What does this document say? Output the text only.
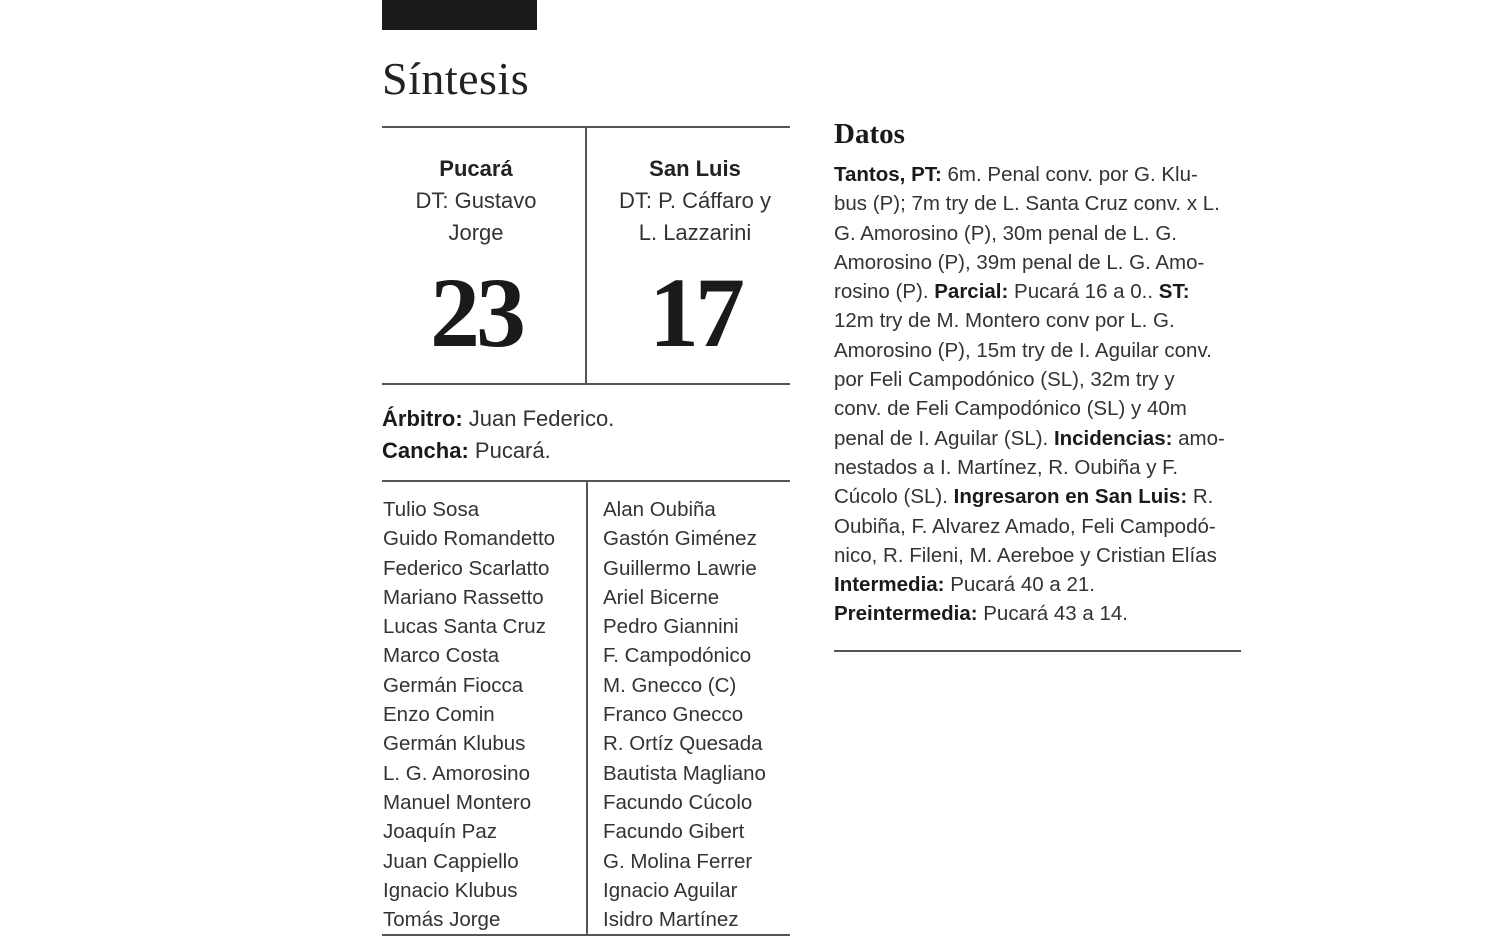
Síntesis
Pucará
DT: Gustavo
Jorge
23
San Luis
DT: P. Cáffaro y
L. Lazzarini
17
Árbitro: Juan Federico.
Cancha: Pucará.
Tulio Sosa
Guido Romandetto
Federico Scarlatto
Mariano Rassetto
Lucas Santa Cruz
Marco Costa
Germán Fiocca
Enzo Comin
Germán Klubus
L. G. Amorosino
Manuel Montero
Joaquín Paz
Juan Cappiello
Ignacio Klubus
Tomás Jorge
Alan Oubiña
Gastón Giménez
Guillermo Lawrie
Ariel Bicerne
Pedro Giannini
F. Campodónico
M. Gnecco (C)
Franco Gnecco
R. Ortíz Quesada
Bautista Magliano
Facundo Cúcolo
Facundo Gibert
G. Molina Ferrer
Ignacio Aguilar
Isidro Martínez
Datos
Tantos, PT: 6m. Penal conv. por G. Klu-
bus (P); 7m try de L. Santa Cruz conv. x L.
G. Amorosino (P), 30m penal de L. G.
Amorosino (P), 39m penal de L. G. Amo-
rosino (P). Parcial: Pucará 16 a 0.. ST:
12m try de M. Montero conv por L. G.
Amorosino (P), 15m try de I. Aguilar conv.
por Feli Campodónico (SL), 32m try y
conv. de Feli Campodónico (SL) y 40m
penal de I. Aguilar (SL). Incidencias: amo-
nestados a I. Martínez, R. Oubiña y F.
Cúcolo (SL). Ingresaron en San Luis: R.
Oubiña, F. Alvarez Amado, Feli Campodó-
nico, R. Fileni, M. Aereboe y Cristian Elías
Intermedia: Pucará 40 a 21.
Preintermedia: Pucará 43 a 14.
